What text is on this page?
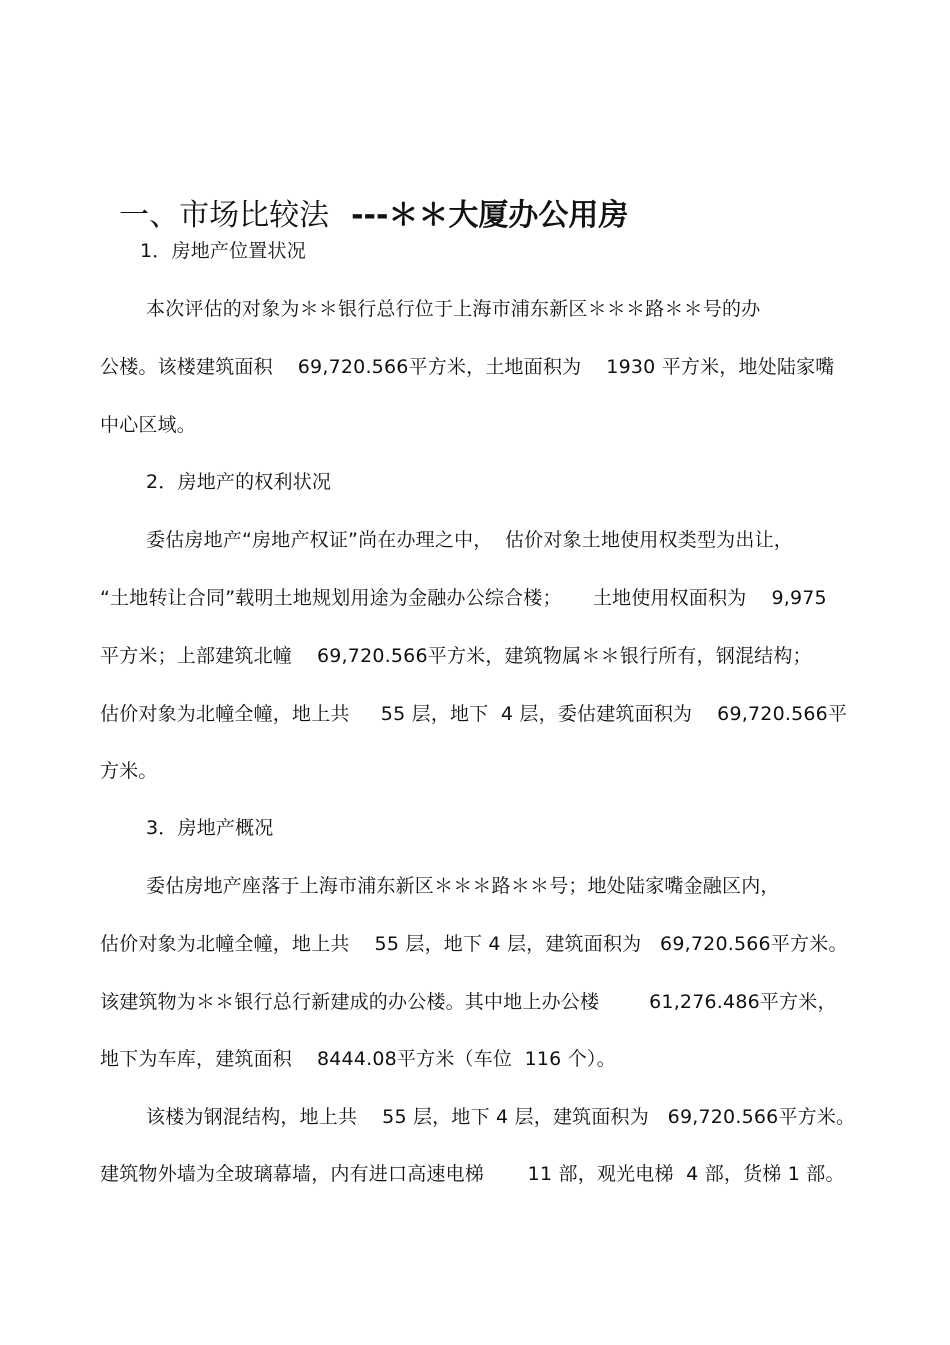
一、市场比较法 ---＊＊大厦办公用房

1．房地产位置状况
本次评估的对象为＊＊银行总行位于上海市浦东新区＊＊＊路＊＊号的办
公楼。该楼建筑面积    69,720.566平方米，土地面积为    1930 平方米，地处陆家嘴
中心区域。
2．房地产的权利状况
委估房地产“房地产权证”尚在办理之中，  估价对象土地使用权类型为出让，
“土地转让合同”载明土地规划用途为金融办公综合楼；     土地使用权面积为    9,975
平方米；上部建筑北幢    69,720.566平方米，建筑物属＊＊银行所有，钢混结构；
估价对象为北幢全幢，地上共     55 层，地下  4 层，委估建筑面积为    69,720.566平
方米。
3．房地产概况
委估房地产座落于上海市浦东新区＊＊＊路＊＊号；地处陆家嘴金融区内，
估价对象为北幢全幢，地上共    55 层，地下 4 层，建筑面积为   69,720.566平方米。
该建筑物为＊＊银行总行新建成的办公楼。其中地上办公楼        61,276.486平方米，
地下为车库，建筑面积    8444.08平方米（车位  116 个）。
该楼为钢混结构，地上共    55 层，地下 4 层，建筑面积为   69,720.566平方米。
建筑物外墙为全玻璃幕墙，内有进口高速电梯       11 部，观光电梯  4 部，货梯 1 部。
